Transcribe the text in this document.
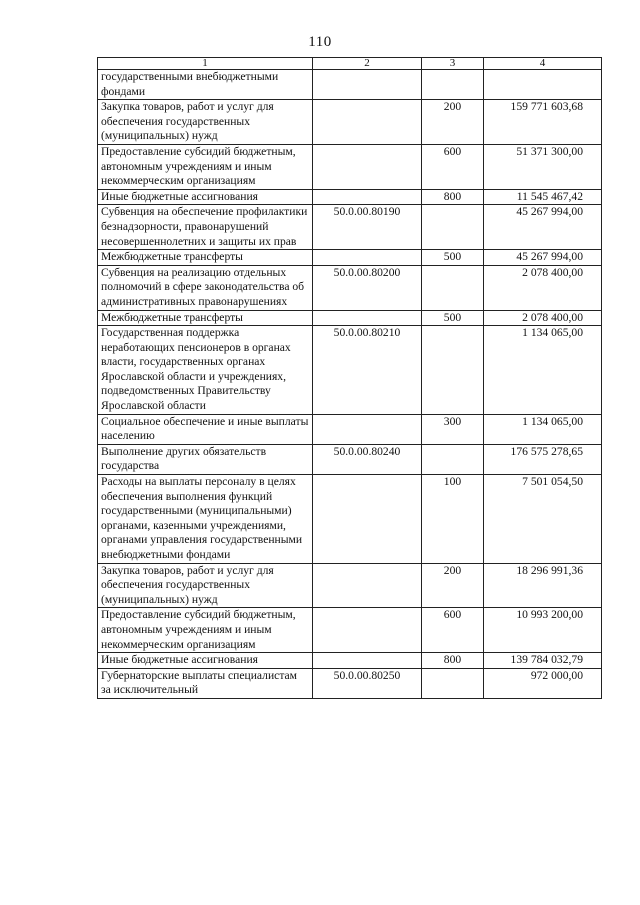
110
1	2	3	4
государственными внебюджетными фондами			
Закупка товаров, работ и услуг для обеспечения государственных (муниципальных) нужд		200	159 771 603,68
Предоставление субсидий бюджетным, автономным учреждениям и иным некоммерческим организациям		600	51 371 300,00
Иные бюджетные ассигнования		800	11 545 467,42
Субвенция на обеспечение профилактики безнадзорности, правонарушений несовершеннолетних и защиты их прав	50.0.00.80190		45 267 994,00
Межбюджетные трансферты		500	45 267 994,00
Субвенция на реализацию отдельных полномочий в сфере законодательства об административных правонарушениях	50.0.00.80200		2 078 400,00
Межбюджетные трансферты		500	2 078 400,00
Государственная поддержка неработающих пенсионеров в органах власти, государственных органах Ярославской области и учреждениях, подведомственных Правительству Ярославской области	50.0.00.80210		1 134 065,00
Социальное обеспечение и иные выплаты населению		300	1 134 065,00
Выполнение других обязательств государства	50.0.00.80240		176 575 278,65
Расходы на выплаты персоналу в целях обеспечения выполнения функций государственными (муниципальными) органами, казенными учреждениями, органами управления государственными внебюджетными фондами		100	7 501 054,50
Закупка товаров, работ и услуг для обеспечения государственных (муниципальных) нужд		200	18 296 991,36
Предоставление субсидий бюджетным, автономным учреждениям и иным некоммерческим организациям		600	10 993 200,00
Иные бюджетные ассигнования		800	139 784 032,79
Губернаторские выплаты специалистам за исключительный	50.0.00.80250		972 000,00
